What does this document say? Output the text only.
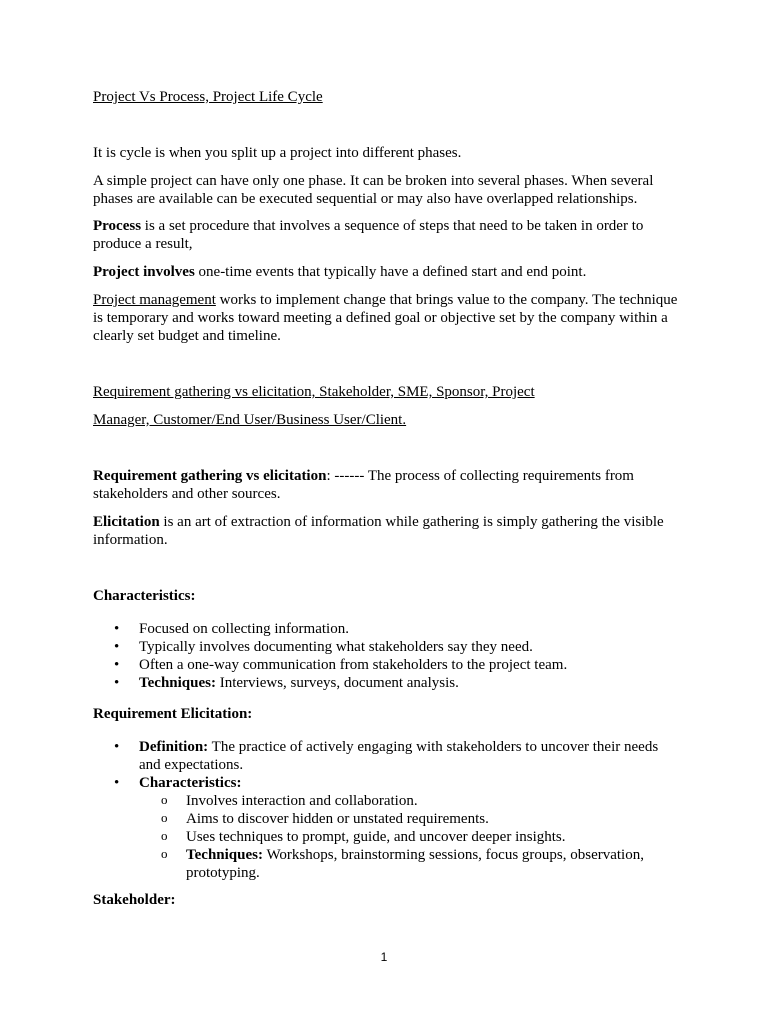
Project Vs Process, Project Life Cycle

It is cycle is when you split up a project into different phases.

A simple project can have only one phase. It can be broken into several phases. When several phases are available can be executed sequential or may also have overlapped relationships.

Process is a set procedure that involves a sequence of steps that need to be taken in order to produce a result,

Project involves one-time events that typically have a defined start and end point.

Project management works to implement change that brings value to the company. The technique is temporary and works toward meeting a defined goal or objective set by the company within a clearly set budget and timeline.

Requirement gathering vs elicitation, Stakeholder, SME, Sponsor, Project

Manager, Customer/End User/Business User/Client.

Requirement gathering vs elicitation: ------ The process of collecting requirements from stakeholders and other sources.

Elicitation is an art of extraction of information while gathering is simply gathering the visible information.

Characteristics:

• Focused on collecting information.
• Typically involves documenting what stakeholders say they need.
• Often a one-way communication from stakeholders to the project team.
• Techniques: Interviews, surveys, document analysis.

Requirement Elicitation:

• Definition: The practice of actively engaging with stakeholders to uncover their needs and expectations.
• Characteristics:
o Involves interaction and collaboration.
o Aims to discover hidden or unstated requirements.
o Uses techniques to prompt, guide, and uncover deeper insights.
o Techniques: Workshops, brainstorming sessions, focus groups, observation, prototyping.

Stakeholder:

1
